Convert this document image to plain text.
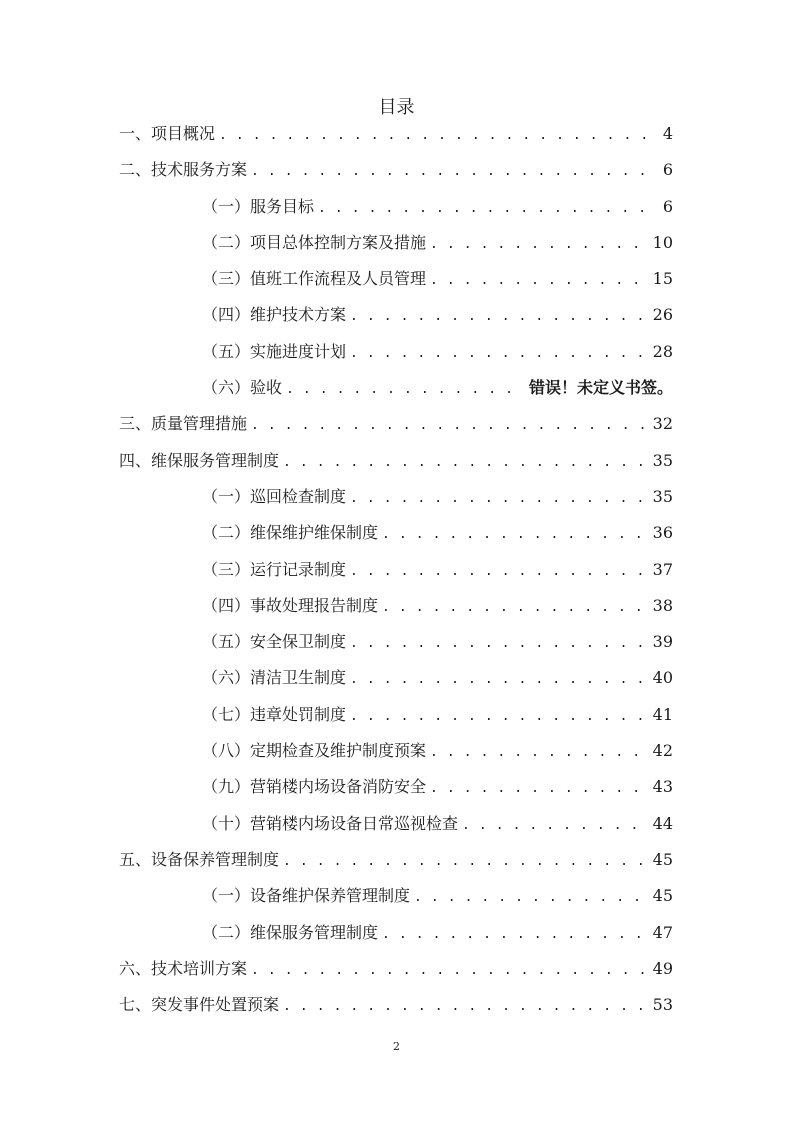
目录
一、项目概况 . . .	4
二、技术服务方案 . . .	6
（一）服务目标 . . .	6
（二）项目总体控制方案及措施 . . .	10
（三）值班工作流程及人员管理 . . .	15
（四）维护技术方案 . . .	26
（五）实施进度计划 . . .	28
（六）验收 . . .	错误！未定义书签。
三、质量管理措施 . . .	32
四、维保服务管理制度 . . .	35
（一）巡回检查制度 . . .	35
（二）维保维护维保制度 . . .	36
（三）运行记录制度 . . .	37
（四）事故处理报告制度 . . .	38
（五）安全保卫制度 . . .	39
（六）清洁卫生制度 . . .	40
（七）违章处罚制度 . . .	41
（八）定期检查及维护制度预案 . . .	42
（九）营销楼内场设备消防安全 . . .	43
（十）营销楼内场设备日常巡视检查 . . .	44
五、设备保养管理制度 . . .	45
（一）设备维护保养管理制度 . . .	45
（二）维保服务管理制度 . . .	47
六、技术培训方案 . . .	49
七、突发事件处置预案 . . .	53
2
